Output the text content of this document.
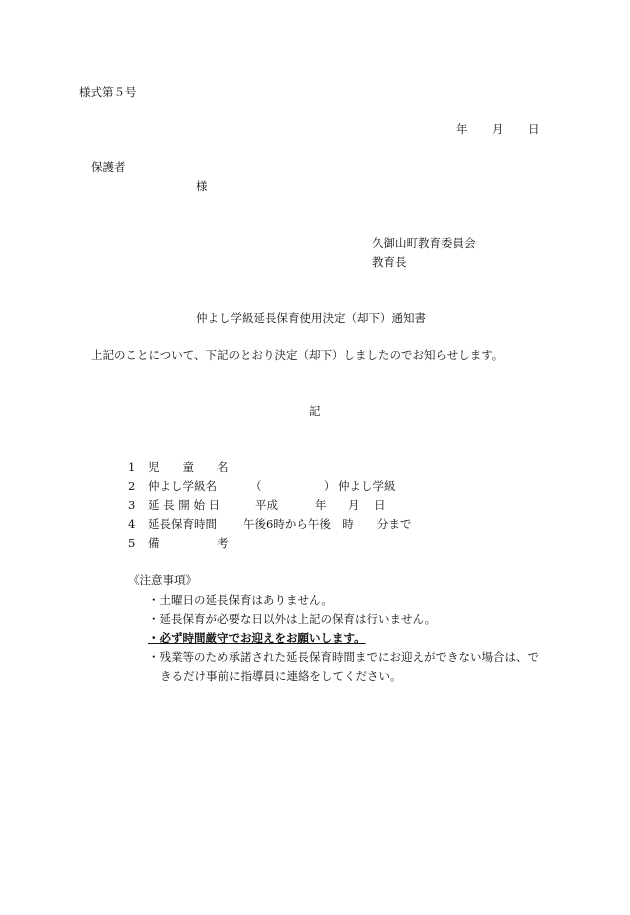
様式第５号
年 月 日
保護者
様
久御山町教育委員会
教育長
仲よし学級延長保育使用決定（却下）通知書
上記のことについて、下記のとおり決定（却下）しましたのでお知らせします。
記
1 児　　童　　名
2 仲よし学級名	（	） 仲よし学級
3 延 長 開 始 日	平成	年 月 日
4 延長保育時間 午後6時から午後　時　　分まで
5 備　　　　　考
《注意事項》
・土曜日の延長保育はありません。
・延長保育が必要な日以外は上記の保育は行いません。
・必ず時間厳守でお迎えをお願いします。
・残業等のため承諾された延長保育時間までにお迎えができない場合は、で
きるだけ事前に指導員に連絡をしてください。
